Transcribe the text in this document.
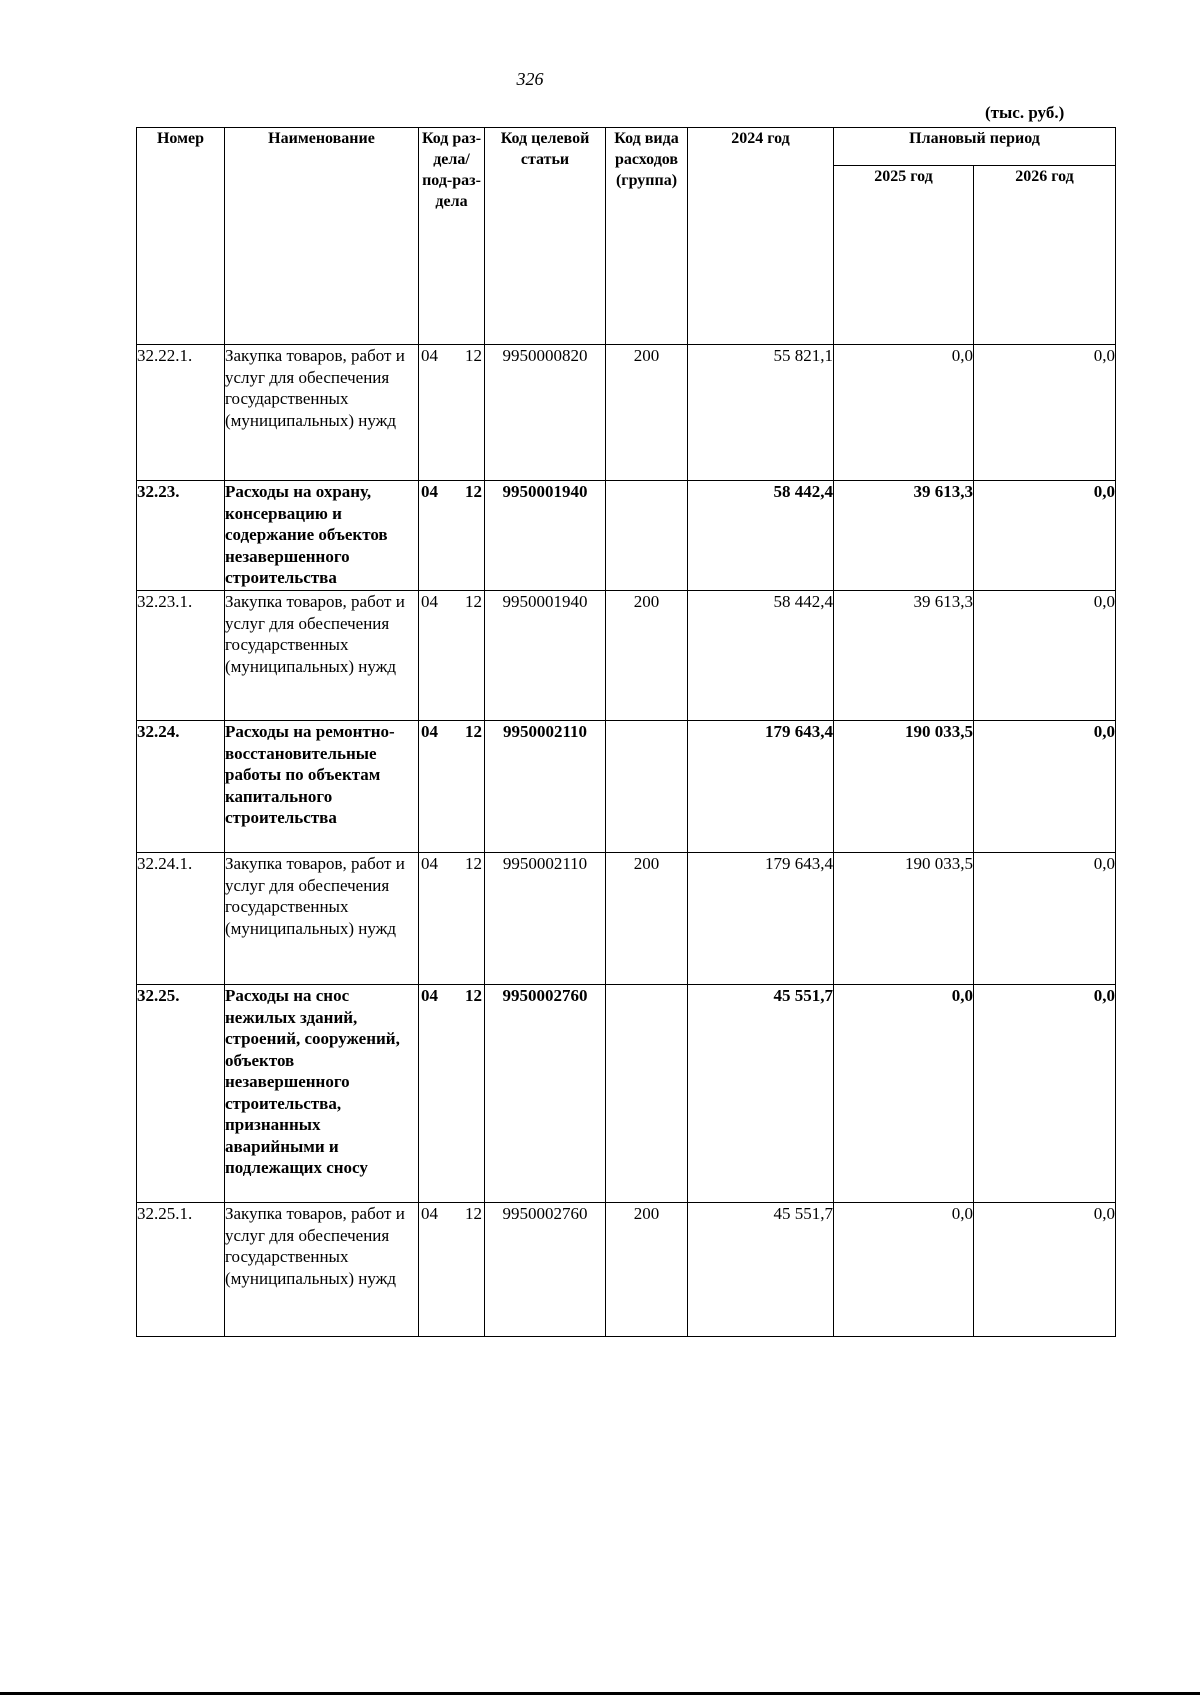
326
(тыс. руб.)
Номер	Наименование	Код раз-дела/ под-раз-дела	Код целевой статьи	Код вида расходов (группа)	2024 год	Плановый период	
						2025 год	2026 год
32.22.1.	Закупка товаров, работ и услуг для обеспечения государственных (муниципальных) нужд	04 12	9950000820	200	55 821,1	0,0	0,0
32.23.	Расходы на охрану, консервацию и содержание объектов незавершенного строительства	04 12	9950001940		58 442,4	39 613,3	0,0
32.23.1.	Закупка товаров, работ и услуг для обеспечения государственных (муниципальных) нужд	04 12	9950001940	200	58 442,4	39 613,3	0,0
32.24.	Расходы на ремонтно-восстановительные работы по объектам капитального строительства	04 12	9950002110		179 643,4	190 033,5	0,0
32.24.1.	Закупка товаров, работ и услуг для обеспечения государственных (муниципальных) нужд	04 12	9950002110	200	179 643,4	190 033,5	0,0
32.25.	Расходы на снос нежилых зданий, строений, сооружений, объектов незавершенного строительства, признанных аварийными и подлежащих сносу	04 12	9950002760		45 551,7	0,0	0,0
32.25.1.	Закупка товаров, работ и услуг для обеспечения государственных (муниципальных) нужд	04 12	9950002760	200	45 551,7	0,0	0,0
